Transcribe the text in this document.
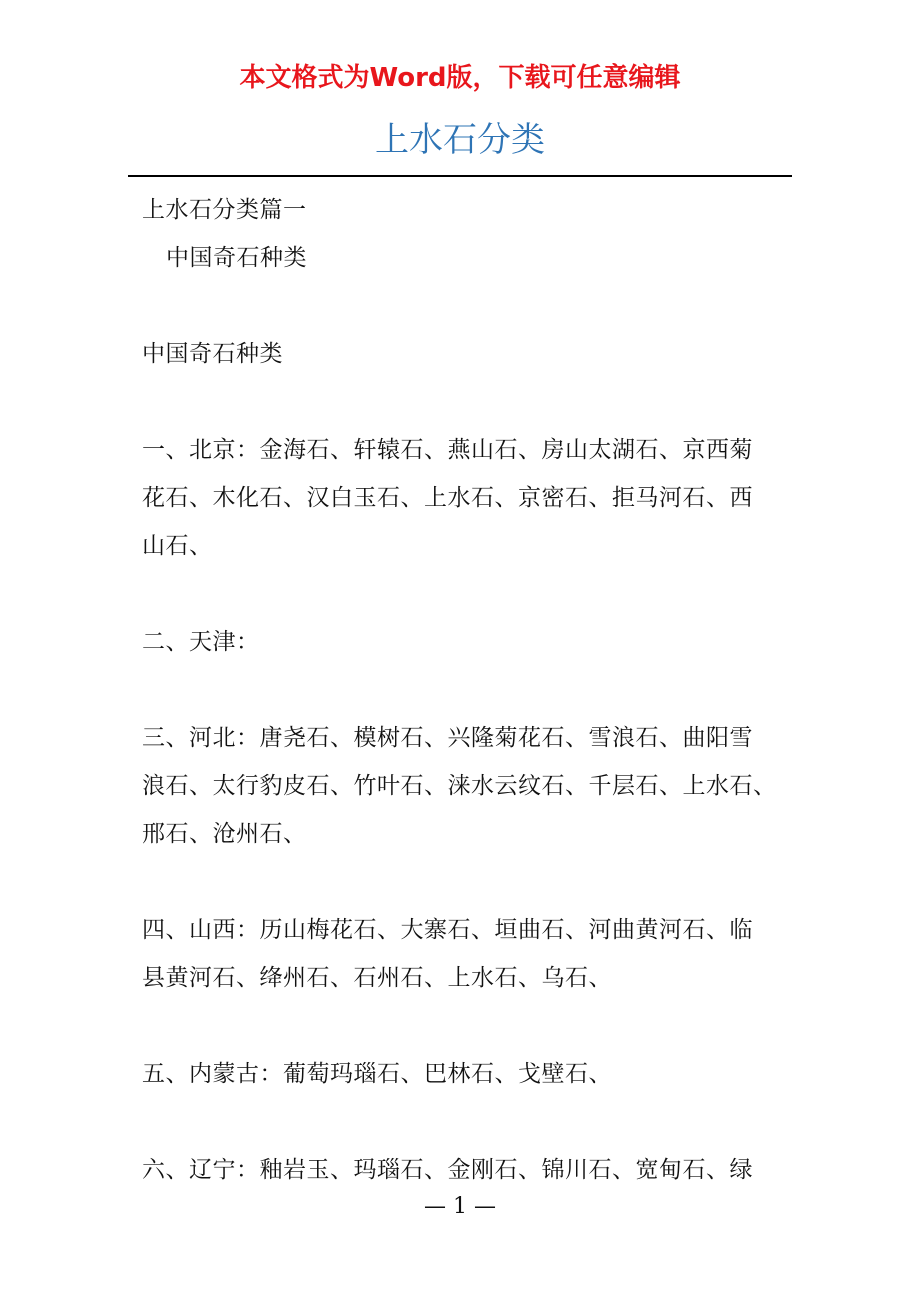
本文格式为Word版，下载可任意编辑
上水石分类
上水石分类篇一
中国奇石种类
中国奇石种类
一、北京：金海石、轩辕石、燕山石、房山太湖石、京西菊
花石、木化石、汉白玉石、上水石、京密石、拒马河石、西
山石、
二、天津：
三、河北：唐尧石、模树石、兴隆菊花石、雪浪石、曲阳雪
浪石、太行豹皮石、竹叶石、涞水云纹石、千层石、上水石、
邢石、沧州石、
四、山西：历山梅花石、大寨石、垣曲石、河曲黄河石、临
县黄河石、绛州石、石州石、上水石、乌石、
五、内蒙古：葡萄玛瑙石、巴林石、戈壁石、
六、辽宁：釉岩玉、玛瑙石、金刚石、锦川石、宽甸石、绿
— 1 —
